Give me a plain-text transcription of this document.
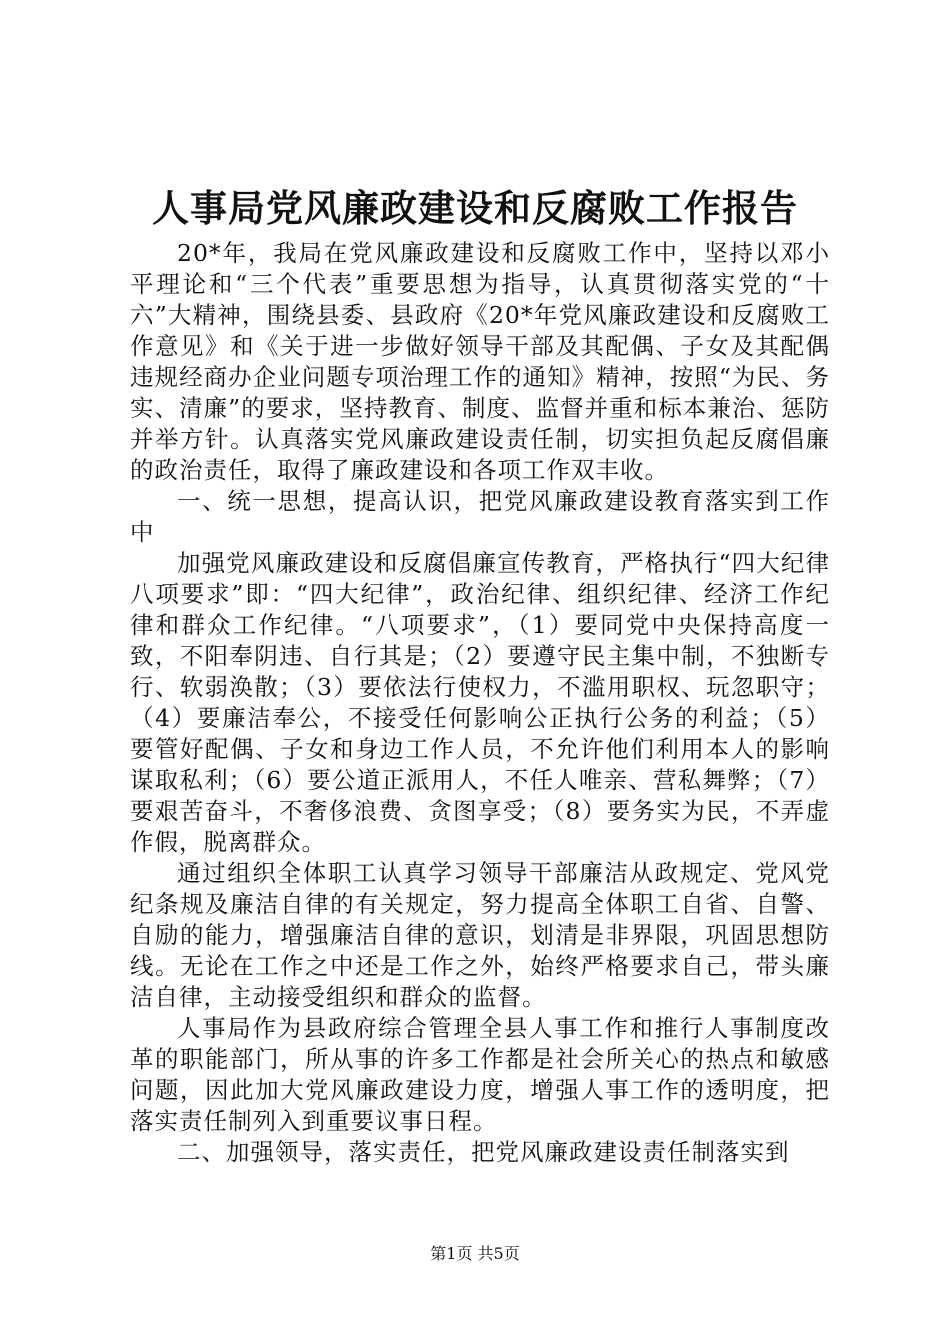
人事局党风廉政建设和反腐败工作报告

20*年，我局在党风廉政建设和反腐败工作中，坚持以邓小平理论和“三个代表”重要思想为指导，认真贯彻落实党的“十六”大精神，围绕县委、县政府《20*年党风廉政建设和反腐败工作意见》和《关于进一步做好领导干部及其配偶、子女及其配偶违规经商办企业问题专项治理工作的通知》精神，按照“为民、务实、清廉”的要求，坚持教育、制度、监督并重和标本兼治、惩防并举方针。认真落实党风廉政建设责任制，切实担负起反腐倡廉的政治责任，取得了廉政建设和各项工作双丰收。

一、统一思想，提高认识，把党风廉政建设教育落实到工作中

加强党风廉政建设和反腐倡廉宣传教育，严格执行“四大纪律八项要求”即：“四大纪律”，政治纪律、组织纪律、经济工作纪律和群众工作纪律。“八项要求”，（1）要同党中央保持高度一致，不阳奉阴违、自行其是；（2）要遵守民主集中制，不独断专行、软弱涣散；（3）要依法行使权力，不滥用职权、玩忽职守；（4）要廉洁奉公，不接受任何影响公正执行公务的利益；（5）要管好配偶、子女和身边工作人员，不允许他们利用本人的影响谋取私利；（6）要公道正派用人，不任人唯亲、营私舞弊；（7）要艰苦奋斗，不奢侈浪费、贪图享受；（8）要务实为民，不弄虚作假，脱离群众。

通过组织全体职工认真学习领导干部廉洁从政规定、党风党纪条规及廉洁自律的有关规定，努力提高全体职工自省、自警、自励的能力，增强廉洁自律的意识，划清是非界限，巩固思想防线。无论在工作之中还是工作之外，始终严格要求自己，带头廉洁自律，主动接受组织和群众的监督。

人事局作为县政府综合管理全县人事工作和推行人事制度改革的职能部门，所从事的许多工作都是社会所关心的热点和敏感问题，因此加大党风廉政建设力度，增强人事工作的透明度，把落实责任制列入到重要议事日程。

二、加强领导，落实责任，把党风廉政建设责任制落实到

第1页 共5页
